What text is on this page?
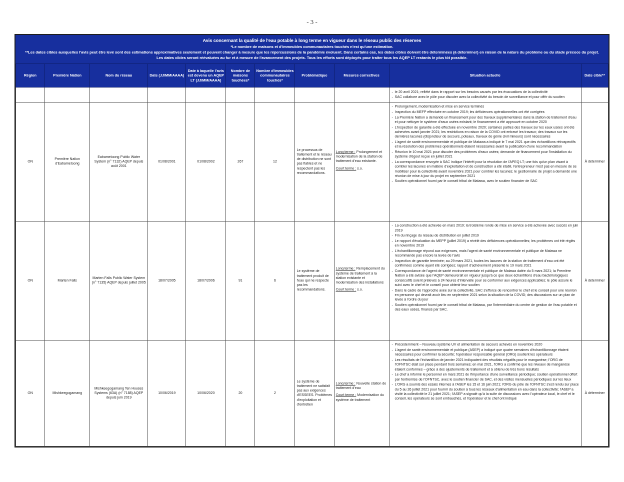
- 3 -
Avis concernant la qualité de l'eau potable à long terme en vigueur dans le réseau public des réserves
*Le nombre de maisons et d'immeubles communautaires touchés n'est qu'une estimation.
**Les dates cibles auxquelles l'avis peut être levé sont des estimations approximatives seulement et peuvent changer à mesure que les répercussions de la pandémie évoluent. Dans certains cas, les dates cibles doivent être déterminées (à déterminer) en raison de la nature du problème ou du stade précoce du projet.
Les dates cibles seront réévaluées au fur et à mesure de l'avancement des projets. Tous les efforts sont déployés pour traiter tous les AQEP LT restants le plus tôt possible.
Région	Première Nation	Nom du réseau	Date (JJ/MM/AAAA)	Date à laquelle l'avis est devenu un AQEP LT (JJ/MM/AAAA)	Nombre de maisons touchées*	Nombre d'immeubles communautaires touchés*	Problématique	Mesures correctives	Situation actuelle	Date cible**

									- le 20 avril 2021; reflété dans le rapport sur les besoins causés par les évacuations de la collectivité
- SAC collabore avec le pôle pour discuter avec la collectivité du besoin de surveillance et pour offrir du soutien

ON	Première Nation d'Eabametoong	Eabametoong Public Water System (n° 7132) AQEP depuis août 2001	01/08/2001	01/08/2002	267	12	Le processus de traitement et le réseau de distribution ne sont pas fiables et ne respectent pas les recommandations.	
Long terme : Prolongement et modernisation de la station de traitement d'eau existante.
Court terme : s.o.

- Prolongement, modernisation et mise en service terminés
- Inspection du MEFP effectuée en octobre 2019; les déficiences opérationnelles ont été corrigées
- La Première Nation a demandé un financement pour des travaux supplémentaires dans la station de traitement d'eau et pour nettoyer le système d'eaux usées existant; le financement a été approuvé en octobre 2020
- L'inspection de garantie a été effectuée en novembre 2020; certaines parties des travaux sur les eaux usées ont été achevées avant janvier 2021; les restrictions en raison de la COVID ont entravé les travaux; des travaux sur les dernières lacunes (disjoncteur de secours, poteaux, travaux de génie civil mineurs) sont nécessaires
- L'agent de santé environnementale et publique de Matawa a indiqué le 7 mai 2021 que des échantillons rétrospectifs et la résolution des problèmes opérationnels étaient nécessaires avant la publication d'une recommandation
- Réunion le 10 mai 2021 pour discuter des problèmes d'eaux usées; demande de financement pour l'installation du système d'égout reçue en juillet 2021
- La correspondance envoyée à SAC indique l'intérêt pour la résolution de l'APEQ LT; une fois qu'un plan visant à combler les lacunes en matière d'exploitation et de construction a été établi, l'entrepreneur n'est pas en mesure de se mobiliser pour la collectivité avant novembre 2021 pour combler les lacunes; le gestionnaire de projet a demandé une réunion de mise à jour du projet en septembre 2021
- Soutien opérationnel fourni par le conseil tribal de Matawa, avec le soutien financier de SAC
	À déterminer
ON	Marten Falls	Marten Falls Public Water System (n° 7135) AQEP depuis juillet 2005	18/07/2005	18/07/2006	91	6	Le système de traitement produit de l'eau qui ne respecte pas les recommandations.	
Long terme : Remplacement du système de traitement à la station existante et modernisation des installations
Court terme : s.o.

- La construction a été achevée en mars 2019; la troisième ronde de mise en service a été achevée avec succès en juin 2019
- Fin du rinçage du réseau de distribution en juillet 2019
- Le rapport d'évaluation du MEPP (juillet 2019) a révélé des déficiences opérationnelles; les problèmes ont été réglés en novembre 2019
- L'échantillonnage répond aux exigences, mais l'agent de santé environnementale et publique de Matawa ne recommande pas encore la levée de l'avis
- Inspection de garantie terminée; au 29 mars 2021, toutes les lacunes de la station de traitement d'eau ont été confirmées comme ayant été corrigées; rapport d'achèvement présenté le 19 mars 2021
- Correspondance de l'agent de santé environnementale et publique de Matawa datée du 5 mars 2021; la Première Nation a été avisée que l'AQEP demeurerait en vigueur jusqu'à ce que deux échantillons d'eau bactériologiques consécutifs soient prélevés à 24 heures d'intervalle pour se conformer aux exigences applicables; le pôle assure le suivi avec le chef et le conseil pour obtenir leur soutien
- Dans le cadre de l'approche axée sur la collectivité, SAC s'efforce de rencontrer le chef et le conseil pour une réunion en personne qui devrait avoir lieu en septembre 2021 selon la situation de la COVID; des discussions sur un plan de levée à l'ordre du jour
- Soutien opérationnel fourni par le conseil tribal de Matawa, par l'intermédiaire du centre de gestion de l'eau potable et des eaux usées, financé par SAC.
	À déterminer
ON	Mishkeegogamang	Mishkeegogamang Ten Houses Systems (63A) (n° 7188) AQEP depuis juin 2019	10/06/2019	10/06/2020	20	2	Le système de traitement ne satisfait pas aux exigences d'ESSEES. Problèmes d'exploitation et d'entretien	
Long terme : Nouvelle station de traitement d'eau
Court terme : Modernisation du système de traitement

- Précédemment – Nouveau système UV et alimentation de secours achevés en novembre 2020
- L'agent de santé environnementale et publique (ASEP) a indiqué que quatre semaines d'échantillonnage étaient nécessaires pour confirmer la sécurité; l'opérateur responsable général (ORG) soutient les opérateurs
- Les résultats de l'échantillon de janvier 2021 indiquaient des résultats négatifs pour le manganèse; l'ORG de l'OFNTSC était sur place pendant trois semaines; en mai 2021, l'ORG a confirmé que les niveaux de manganèse étaient conformes – grâce à des ajustements de traitement et à obtenu de très bons résultats
- Le chef a informé le personnel en mars 2021 de l'importance d'une surveillance périodique; soutien opérationnel offert par l'entremise de l'OFNTSC, avec le soutien financier de SAC, et des visites mensuelles périodiques sur les lieux
- L'ORG a soumis des essais internes à l'ASEP les 15 et 16 juin 2021; l'ORG du pôle de l'OFNTSC s'est rendu sur place du 5 au 26 juillet 2021 pour fournir du soutien à tous les réseaux d'alimentation en eau dans la collectivité; l'ASEP a visité la collectivité le 21 juillet 2021; l'ASEP a signalé qu'à la suite de discussions avec l'opérateur local, le chef et le conseil, les opérateurs se sont embauchés, et l'opérateur et le chef ont indiqué
	À déterminer
